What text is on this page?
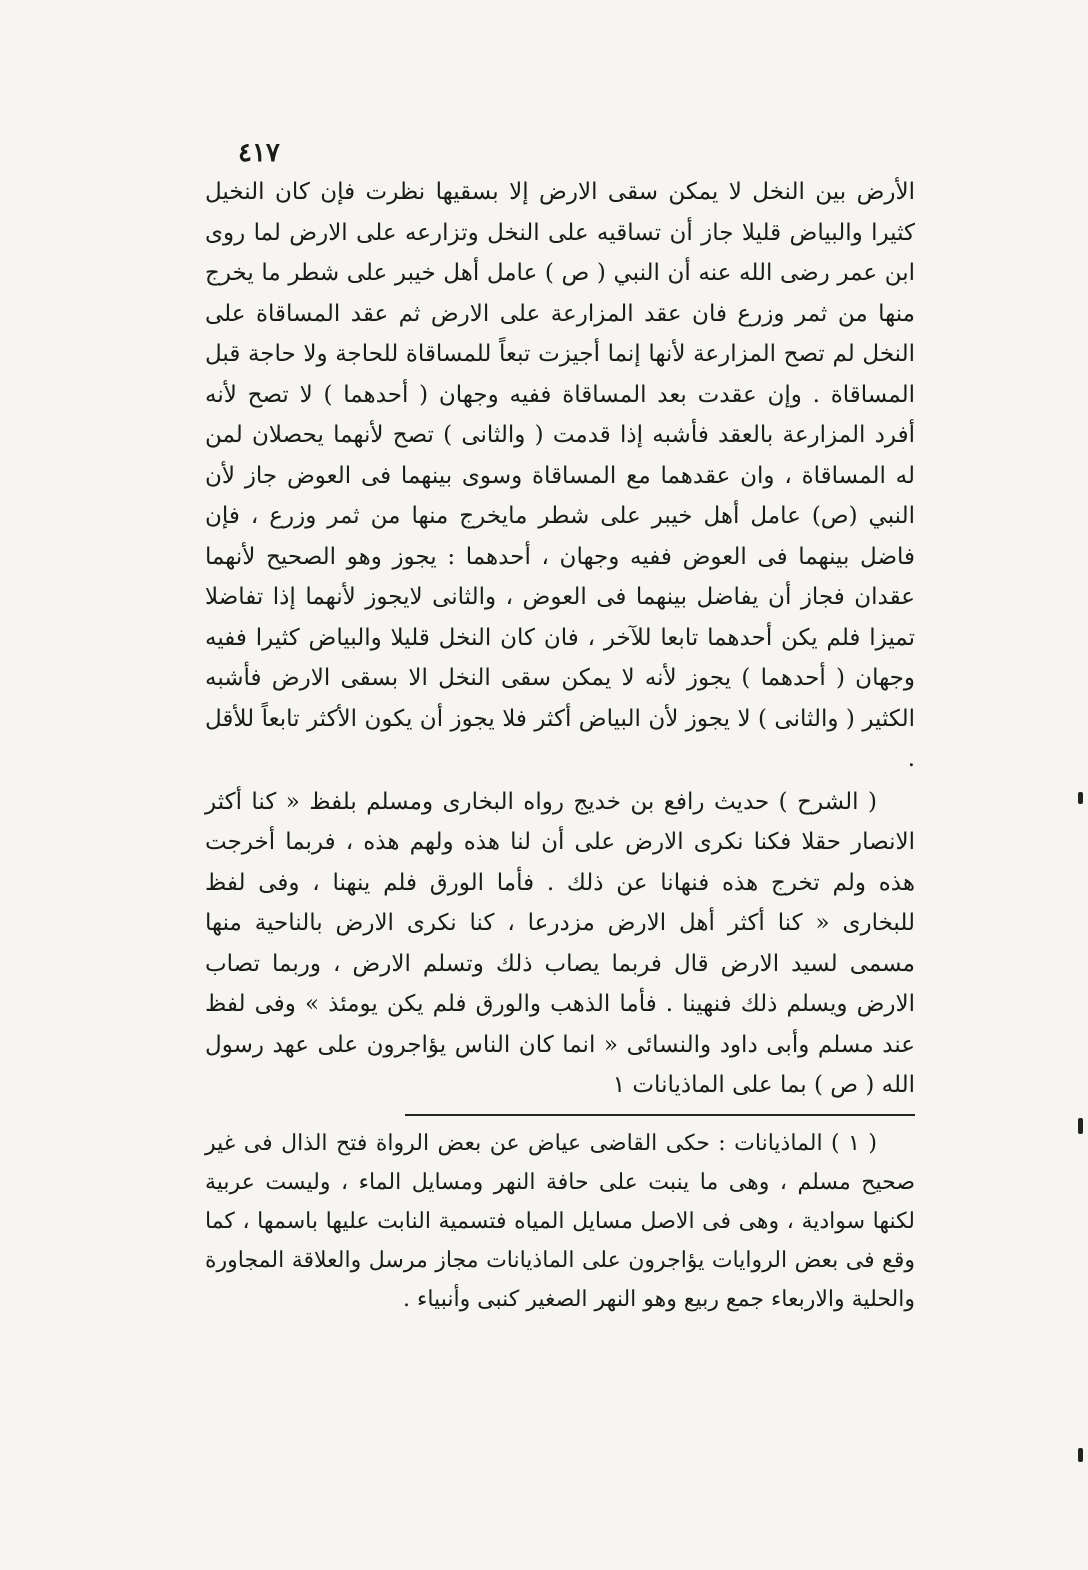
٤١٧

الأرض بين النخل لا يمكن سقى الارض إلا بسقيها نظرت فإن كان النخيل كثيرا والبياض قليلا جاز أن تساقيه على النخل وتزارعه على الارض لما روى ابن عمر رضى الله عنه أن النبي ( ص ) عامل أهل خيبر على شطر ما يخرج منها من ثمر وزرع فان عقد المزارعة على الارض ثم عقد المساقاة على النخل لم تصح المزارعة لأنها إنما أجيزت تبعاً للمساقاة للحاجة ولا حاجة قبل المساقاة . وإن عقدت بعد المساقاة ففيه وجهان ( أحدهما ) لا تصح لأنه أفرد المزارعة بالعقد فأشبه إذا قدمت ( والثانى ) تصح لأنهما يحصلان لمن له المساقاة ، وان عقدهما مع المساقاة وسوى بينهما فى العوض جاز لأن النبي (ص) عامل أهل خيبر على شطر مايخرج منها من ثمر وزرع ، فإن فاضل بينهما فى العوض ففيه وجهان ، أحدهما : يجوز وهو الصحيح لأنهما عقدان فجاز أن يفاضل بينهما فى العوض ، والثانى لايجوز لأنهما إذا تفاضلا تميزا فلم يكن أحدهما تابعا للآخر ، فان كان النخل قليلا والبياض كثيرا ففيه وجهان ( أحدهما ) يجوز لأنه لا يمكن سقى النخل الا بسقى الارض فأشبه الكثير ( والثانى ) لا يجوز لأن البياض أكثر فلا يجوز أن يكون الأكثر تابعاً للأقل .

( الشرح ) حديث رافع بن خديج رواه البخارى ومسلم بلفظ « كنا أكثر الانصار حقلا فكنا نكرى الارض على أن لنا هذه ولهم هذه ، فربما أخرجت هذه ولم تخرج هذه فنهانا عن ذلك . فأما الورق فلم ينهنا ، وفى لفظ للبخارى « كنا أكثر أهل الارض مزدرعا ، كنا نكرى الارض بالناحية منها مسمى لسيد الارض قال فربما يصاب ذلك وتسلم الارض ، وربما تصاب الارض ويسلم ذلك فنهينا . فأما الذهب والورق فلم يكن يومئذ » وفى لفظ عند مسلم وأبى داود والنسائى « انما كان الناس يؤاجرون على عهد رسول الله ( ص ) بما على الماذيانات ١

( ١ ) الماذيانات : حكى القاضى عياض عن بعض الرواة فتح الذال فى غير صحيح مسلم ، وهى ما ينبت على حافة النهر ومسايل الماء ، وليست عربية لكنها سوادية ، وهى فى الاصل مسايل المياه فتسمية النابت عليها باسمها ، كما وقع فى بعض الروايات يؤاجرون على الماذيانات مجاز مرسل والعلاقة المجاورة والحلية والاربعاء جمع ربيع وهو النهر الصغير كنبى وأنبياء .
